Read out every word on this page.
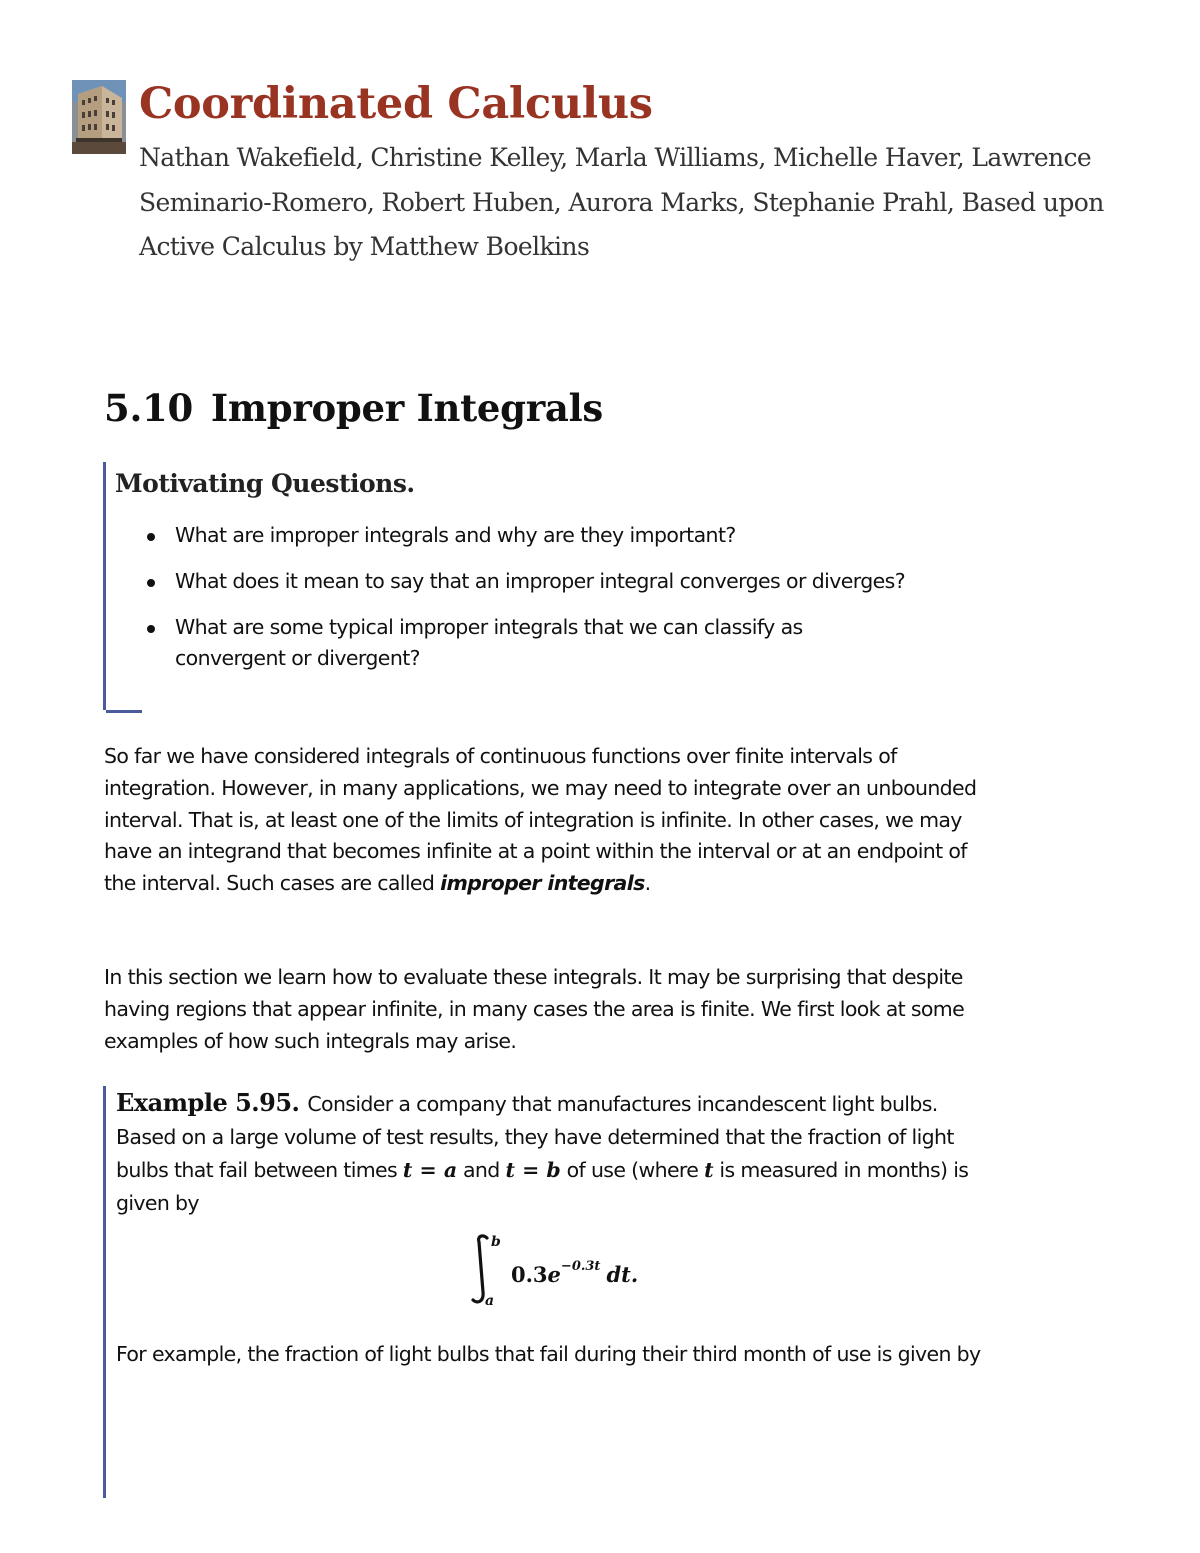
Coordinated Calculus

Nathan Wakefield, Christine Kelley, Marla Williams, Michelle Haver, Lawrence Seminario-Romero, Robert Huben, Aurora Marks, Stephanie Prahl, Based upon Active Calculus by Matthew Boelkins

5.10 Improper Integrals
Motivating Questions.
What are improper integrals and why are they important?
What does it mean to say that an improper integral converges or diverges?
What are some typical improper integrals that we can classify as convergent or divergent?

So far we have considered integrals of continuous functions over finite intervals of integration. However, in many applications, we may need to integrate over an unbounded interval. That is, at least one of the limits of integration is infinite. In other cases, we may have an integrand that becomes infinite at a point within the interval or at an endpoint of the interval. Such cases are called improper integrals.

In this section we learn how to evaluate these integrals. It may be surprising that despite having regions that appear infinite, in many cases the area is finite. We first look at some examples of how such integrals may arise.

Example 5.95. Consider a company that manufactures incandescent light bulbs. Based on a large volume of test results, they have determined that the fraction of light bulbs that fail between times t = a and t = b of use (where t is measured in months) is given by

b
a
$0.3e^{-0.3t}$ dt.

For example, the fraction of light bulbs that fail during their third month of use is given by
